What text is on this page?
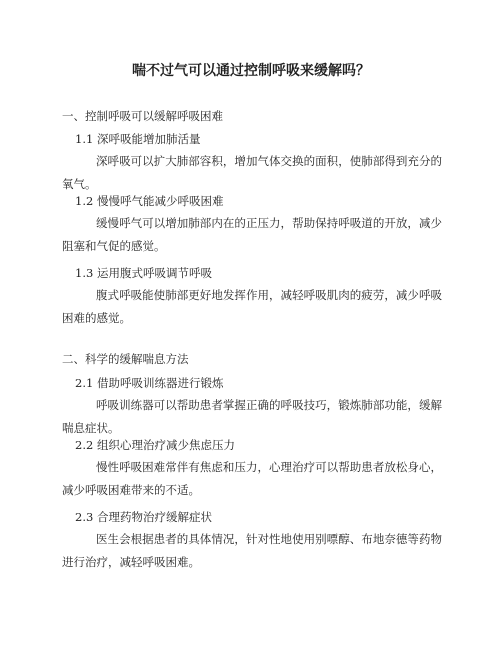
喘不过气可以通过控制呼吸来缓解吗？

一、控制呼吸可以缓解呼吸困难

1.1 深呼吸能增加肺活量

深呼吸可以扩大肺部容积，增加气体交换的面积，使肺部得到充分的氧气。

1.2 慢慢呼气能减少呼吸困难

缓慢呼气可以增加肺部内在的正压力，帮助保持呼吸道的开放，减少阻塞和气促的感觉。

1.3 运用腹式呼吸调节呼吸

腹式呼吸能使肺部更好地发挥作用，减轻呼吸肌肉的疲劳，减少呼吸困难的感觉。

二、科学的缓解喘息方法

2.1 借助呼吸训练器进行锻炼

呼吸训练器可以帮助患者掌握正确的呼吸技巧，锻炼肺部功能，缓解喘息症状。

2.2 组织心理治疗减少焦虑压力

慢性呼吸困难常伴有焦虑和压力，心理治疗可以帮助患者放松身心，减少呼吸困难带来的不适。

2.3 合理药物治疗缓解症状

医生会根据患者的具体情况，针对性地使用别嘌醇、布地奈德等药物进行治疗，减轻呼吸困难。
